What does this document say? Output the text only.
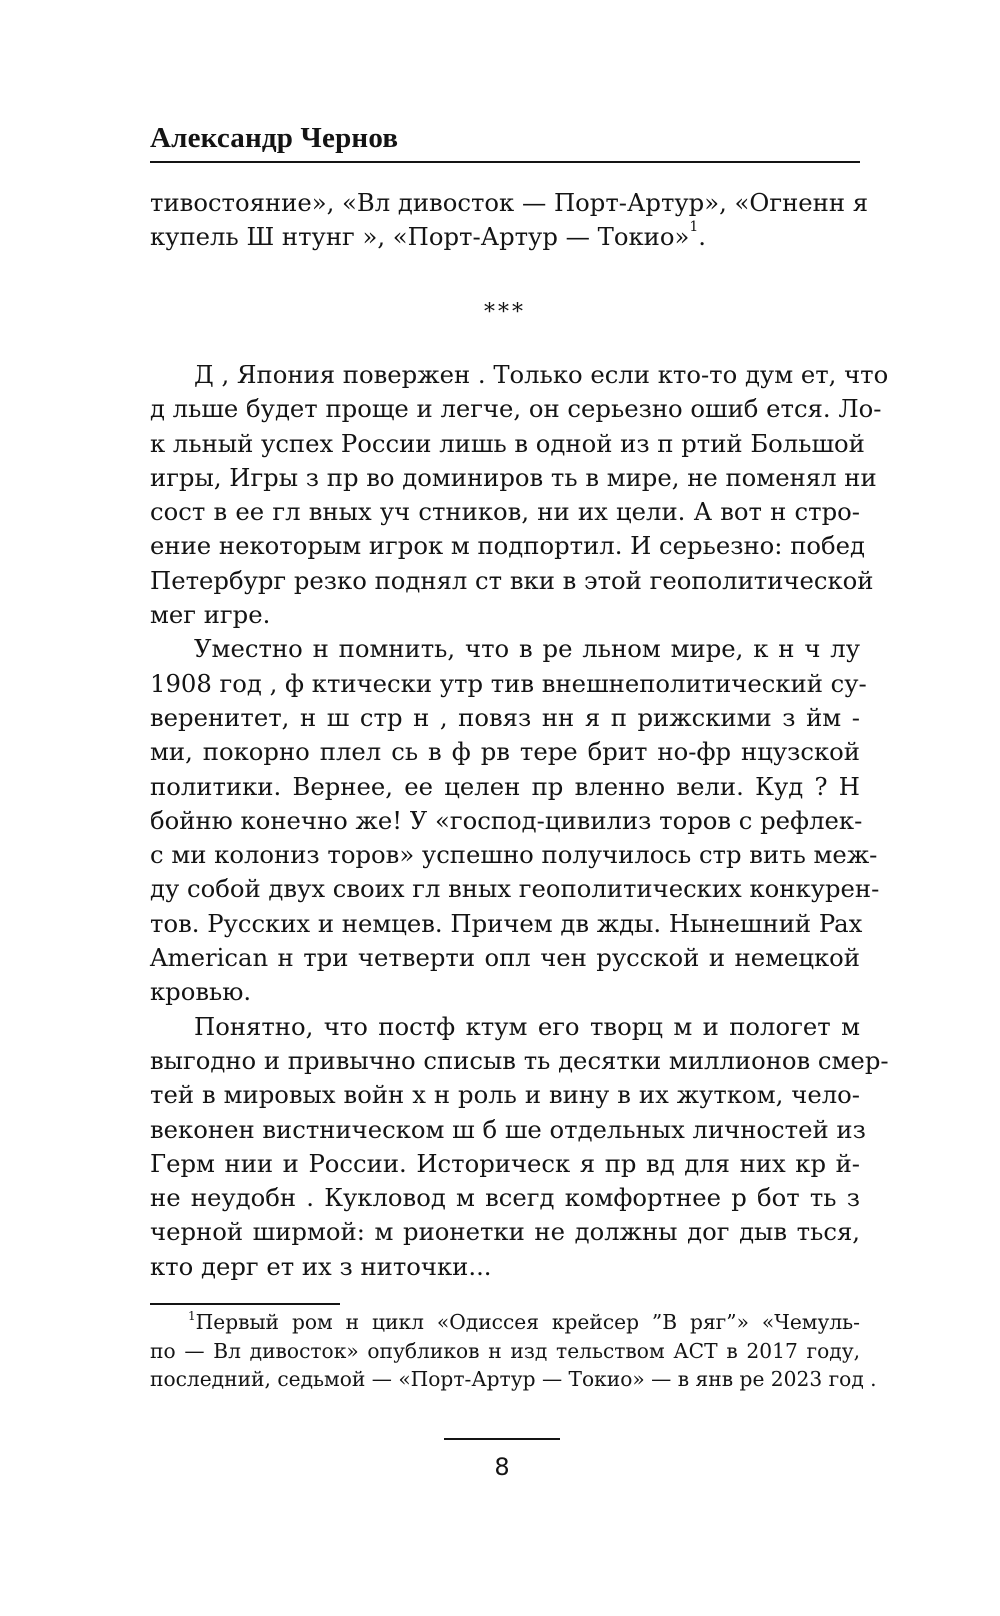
Александр Чернов
тивостояние», «Вл дивосток — Порт-Артур», «Огненн я
купель Ш нтунг », «Порт-Артур — Токио»$^1$.
***
Д , Япония повержен . Только если кто-то дум ет, что
д льше будет проще и легче, он серьезно ошиб ется. Ло-
к льный успех России лишь в одной из п ртий Большой
игры, Игры з пр во доминиров ть в мире, не поменял ни
сост в ее гл вных уч стников, ни их цели. А вот н стро-
ение некоторым игрок м подпортил. И серьезно: побед
Петербург резко поднял ст вки в этой геополитической
мег игре.
Уместно н помнить, что в ре льном мире, к н ч лу
1908 год , ф ктически утр тив внешнеполитический су-
веренитет, н ш стр н , повяз нн я п рижскими з йм -
ми, покорно плел сь в ф рв тере брит но-фр нцузской
политики. Вернее, ее целен пр вленно вели. Куд ? Н
бойню конечно же! У «господ-цивилиз торов с рефлек-
с ми колониз торов» успешно получилось стр вить меж-
ду собой двух своих гл вных геополитических конкурен-
тов. Русских и немцев. Причем дв жды. Нынешний Pax
American н три четверти опл чен русской и немецкой
кровью.
Понятно, что постф ктум его творц м и пологет м
выгодно и привычно списыв ть десятки миллионов смер-
тей в мировых войн х н роль и вину в их жутком, чело-
веконен вистническом ш б ше отдельных личностей из
Герм нии и России. Историческ я пр вд для них кр й-
не неудобн . Кукловод м всегд комфортнее р бот ть з
черной ширмой: м рионетки не должны дог дыв ться,
кто дерг ет их з ниточки...
$^1$Первый ром н цикл «Одиссея крейсер ”В ряг”» «Чемуль-
по — Вл дивосток» опубликов н изд тельством АСТ в 2017 году,
последний, седьмой — «Порт-Артур — Токио» — в янв ре 2023 год .
8
